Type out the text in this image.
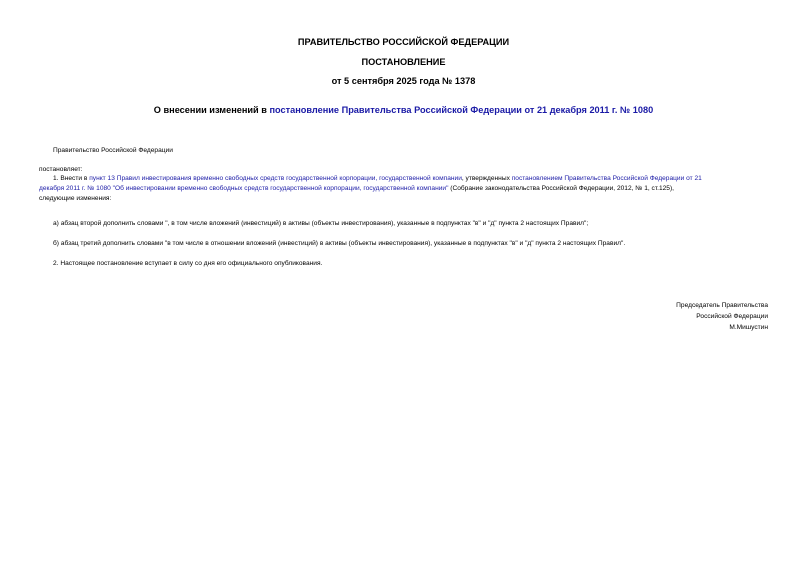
ПРАВИТЕЛЬСТВО РОССИЙСКОЙ ФЕДЕРАЦИИ
ПОСТАНОВЛЕНИЕ
от 5 сентября 2025 года № 1378
О внесении изменений в постановление Правительства Российской Федерации от 21 декабря 2011 г. № 1080
Правительство Российской Федерации
постановляет:
1. Внести в пункт 13 Правил инвестирования временно свободных средств государственной корпорации, государственной компании, утвержденных постановлением Правительства Российской Федерации от 21
декабря 2011 г. № 1080 "Об инвестировании временно свободных средств государственной корпорации, государственной компании" (Собрание законодательства Российской Федерации, 2012, № 1, ст.125),
следующие изменения:
а) абзац второй дополнить словами ", в том числе вложений (инвестиций) в активы (объекты инвестирования), указанные в подпунктах "в" и "д" пункта 2 настоящих Правил";
б) абзац третий дополнить словами "в том числе в отношении вложений (инвестиций) в активы (объекты инвестирования), указанные в подпунктах "в" и "д" пункта 2 настоящих Правил".
2. Настоящее постановление вступает в силу со дня его официального опубликования.
Председатель Правительства
Российской Федерации
М.Мишустин
